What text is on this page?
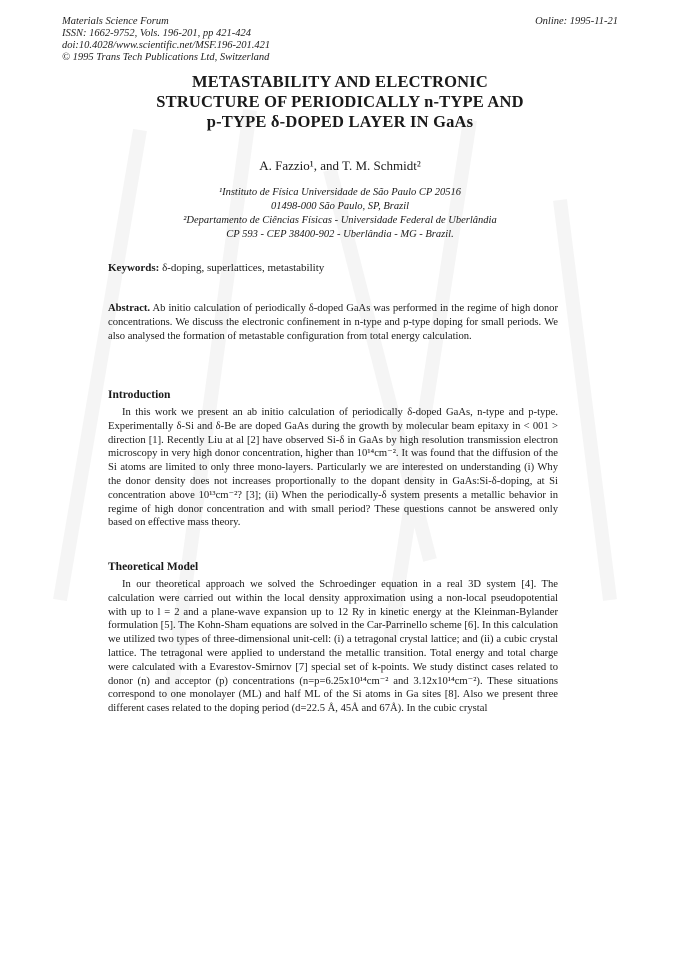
Materials Science Forum
ISSN: 1662-9752, Vols. 196-201, pp 421-424
doi:10.4028/www.scientific.net/MSF.196-201.421
© 1995 Trans Tech Publications Ltd, Switzerland
Online: 1995-11-21
METASTABILITY AND ELECTRONIC
STRUCTURE OF PERIODICALLY n-TYPE AND
p-TYPE δ-DOPED LAYER IN GaAs
A. Fazzio¹, and T. M. Schmidt²
¹Instituto de Física Universidade de São Paulo CP 20516
01498-000 São Paulo, SP, Brazil
²Departamento de Ciências Físicas - Universidade Federal de Uberlândia
CP 593 - CEP 38400-902 - Uberlândia - MG - Brazil.
Keywords: δ-doping, superlattices, metastability
Abstract. Ab initio calculation of periodically δ-doped GaAs was performed in the regime of high donor concentrations. We discuss the electronic confinement in n-type and p-type doping for small periods. We also analysed the formation of metastable configuration from total energy calculation.
Introduction
In this work we present an ab initio calculation of periodically δ-doped GaAs, n-type and p-type. Experimentally δ-Si and δ-Be are doped GaAs during the growth by molecular beam epitaxy in < 001 > direction [1]. Recently Liu at al [2] have observed Si-δ in GaAs by high resolution transmission electron microscopy in very high donor concentration, higher than 10¹⁴cm⁻². It was found that the diffusion of the Si atoms are limited to only three mono-layers. Particularly we are interested on understanding (i) Why the donor density does not increases proportionally to the dopant density in GaAs:Si-δ-doping, at Si concentration above 10¹³cm⁻²? [3]; (ii) When the periodically-δ system presents a metallic behavior in regime of high donor concentration and with small period? These questions cannot be answered only based on effective mass theory.
Theoretical Model
In our theoretical approach we solved the Schroedinger equation in a real 3D system [4]. The calculation were carried out within the local density approximation using a non-local pseudopotential with up to l = 2 and a plane-wave expansion up to 12 Ry in kinetic energy at the Kleinman-Bylander formulation [5]. The Kohn-Sham equations are solved in the Car-Parrinello scheme [6]. In this calculation we utilized two types of three-dimensional unit-cell: (i) a tetragonal crystal lattice; and (ii) a cubic crystal lattice. The tetragonal were applied to understand the metallic transition. Total energy and total charge were calculated with a Evarestov-Smirnov [7] special set of k-points. We study distinct cases related to donor (n) and acceptor (p) concentrations (n=p=6.25x10¹⁴cm⁻² and 3.12x10¹⁴cm⁻²). These situations correspond to one monolayer (ML) and half ML of the Si atoms in Ga sites [8]. Also we present three different cases related to the doping period (d=22.5 Å, 45Å and 67Å). In the cubic crystal
